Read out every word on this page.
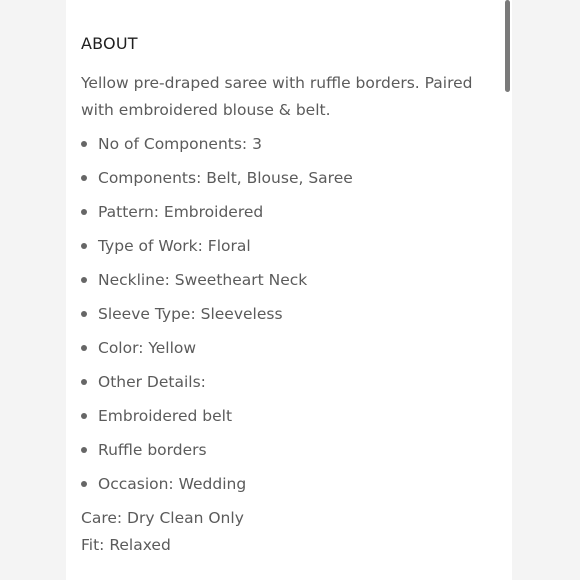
ABOUT

Yellow pre-draped saree with ruffle borders. Paired with embroidered blouse & belt.

No of Components: 3
Components: Belt, Blouse, Saree
Pattern: Embroidered
Type of Work: Floral
Neckline: Sweetheart Neck
Sleeve Type: Sleeveless
Color: Yellow
Other Details:
Embroidered belt
Ruffle borders
Occasion: Wedding

Care: Dry Clean Only

Fit: Relaxed
